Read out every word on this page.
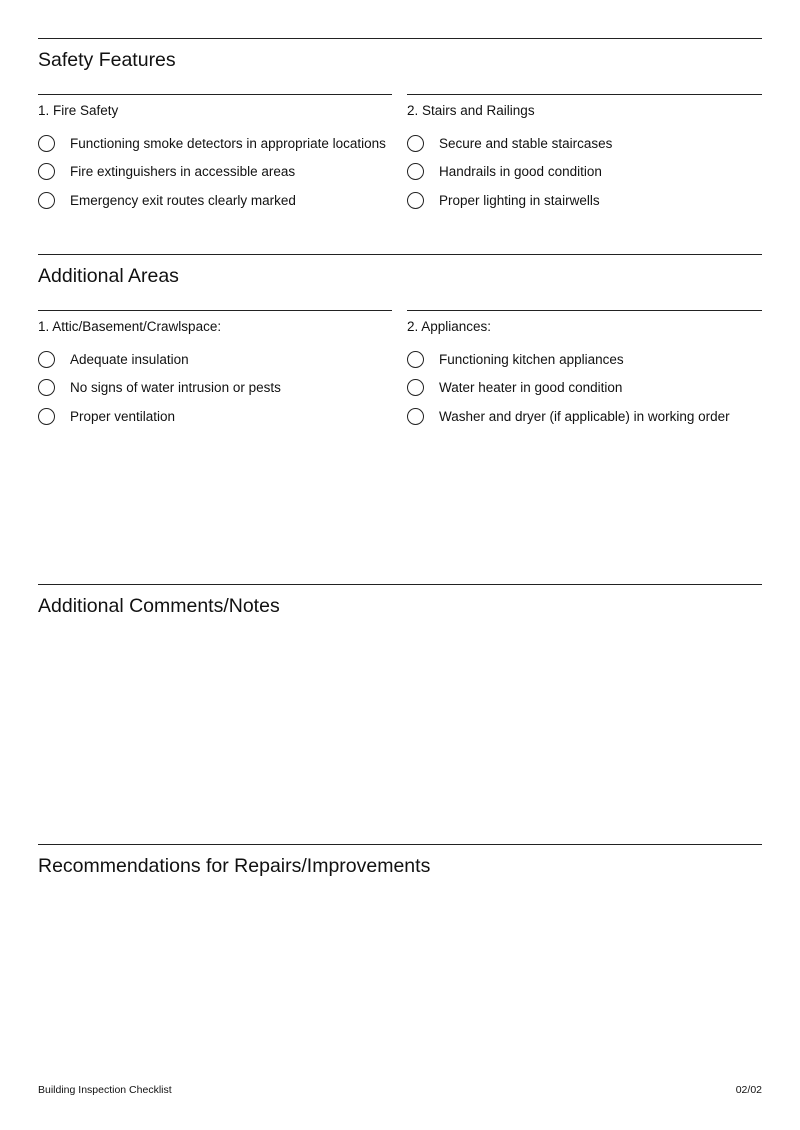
Safety Features
1. Fire Safety
Functioning smoke detectors in appropriate locations
Fire extinguishers in accessible areas
Emergency exit routes clearly marked
2. Stairs and Railings
Secure and stable staircases
Handrails in good condition
Proper lighting in stairwells
Additional Areas
1. Attic/Basement/Crawlspace:
Adequate insulation
No signs of water intrusion or pests
Proper ventilation
2. Appliances:
Functioning kitchen appliances
Water heater in good condition
Washer and dryer (if applicable) in working order
Additional Comments/Notes
Recommendations for Repairs/Improvements
Building Inspection Checklist	02/02
